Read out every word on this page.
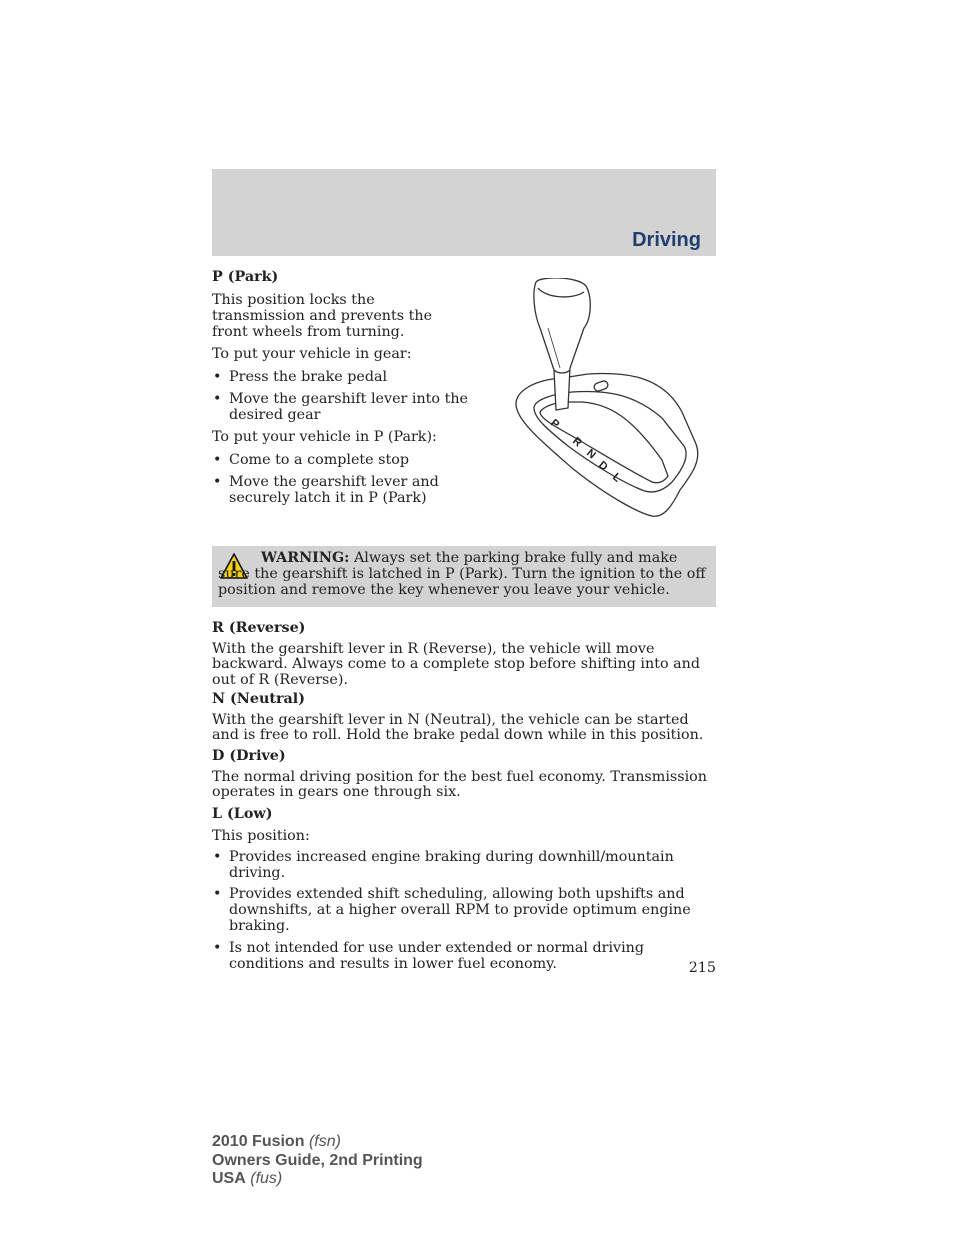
Driving

P (Park)

This position locks the transmission and prevents the front wheels from turning.

To put your vehicle in gear:

• Press the brake pedal

• Move the gearshift lever into the desired gear

To put your vehicle in P (Park):

• Come to a complete stop

• Move the gearshift lever and securely latch it in P (Park)

P
R
N
D
L
WARNING: Always set the parking brake fully and make sure the gearshift is latched in P (Park). Turn the ignition to the off position and remove the key whenever you leave your vehicle.

R (Reverse)

With the gearshift lever in R (Reverse), the vehicle will move backward. Always come to a complete stop before shifting into and out of R (Reverse).

N (Neutral)

With the gearshift lever in N (Neutral), the vehicle can be started and is free to roll. Hold the brake pedal down while in this position.

D (Drive)

The normal driving position for the best fuel economy. Transmission operates in gears one through six.

L (Low)

This position:

• Provides increased engine braking during downhill/mountain driving.

• Provides extended shift scheduling, allowing both upshifts and downshifts, at a higher overall RPM to provide optimum engine braking.

• Is not intended for use under extended or normal driving conditions and results in lower fuel economy.	215
2010 Fusion (fsn)
Owners Guide, 2nd Printing
USA (fus)
